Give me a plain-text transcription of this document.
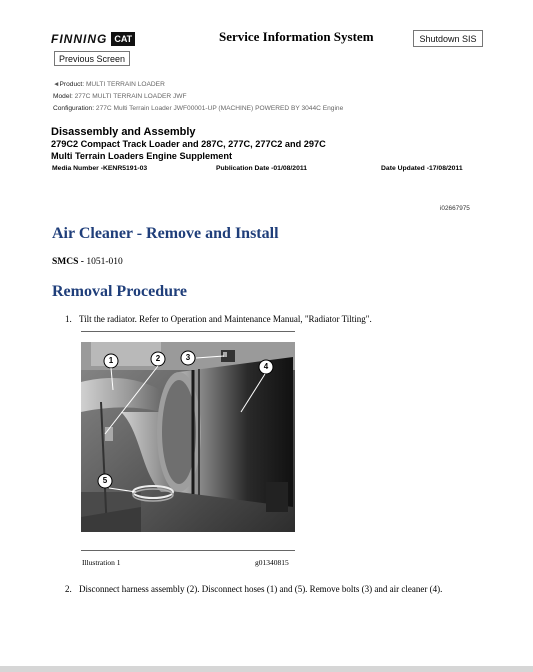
FINNING CAT	Service Information System	Shutdown SIS
Previous Screen
◄Product: MULTI TERRAIN LOADER
Model: 277C MULTI TERRAIN LOADER JWF
Configuration: 277C Multi Terrain Loader JWF00001-UP (MACHINE) POWERED BY 3044C Engine
Disassembly and Assembly
279C2 Compact Track Loader and 287C, 277C, 277C2 and 297C
Multi Terrain Loaders Engine Supplement
Media Number -KENR5191-03	Publication Date -01/08/2011	Date Updated -17/08/2011
i02667975
Air Cleaner - Remove and Install
SMCS - 1051-010
Removal Procedure
1. Tilt the radiator. Refer to Operation and Maintenance Manual, "Radiator Tilting".
1	2	3
4
5
Illustration 1	g01340815
2. Disconnect harness assembly (2). Disconnect hoses (1) and (5). Remove bolts (3) and air cleaner (4).
